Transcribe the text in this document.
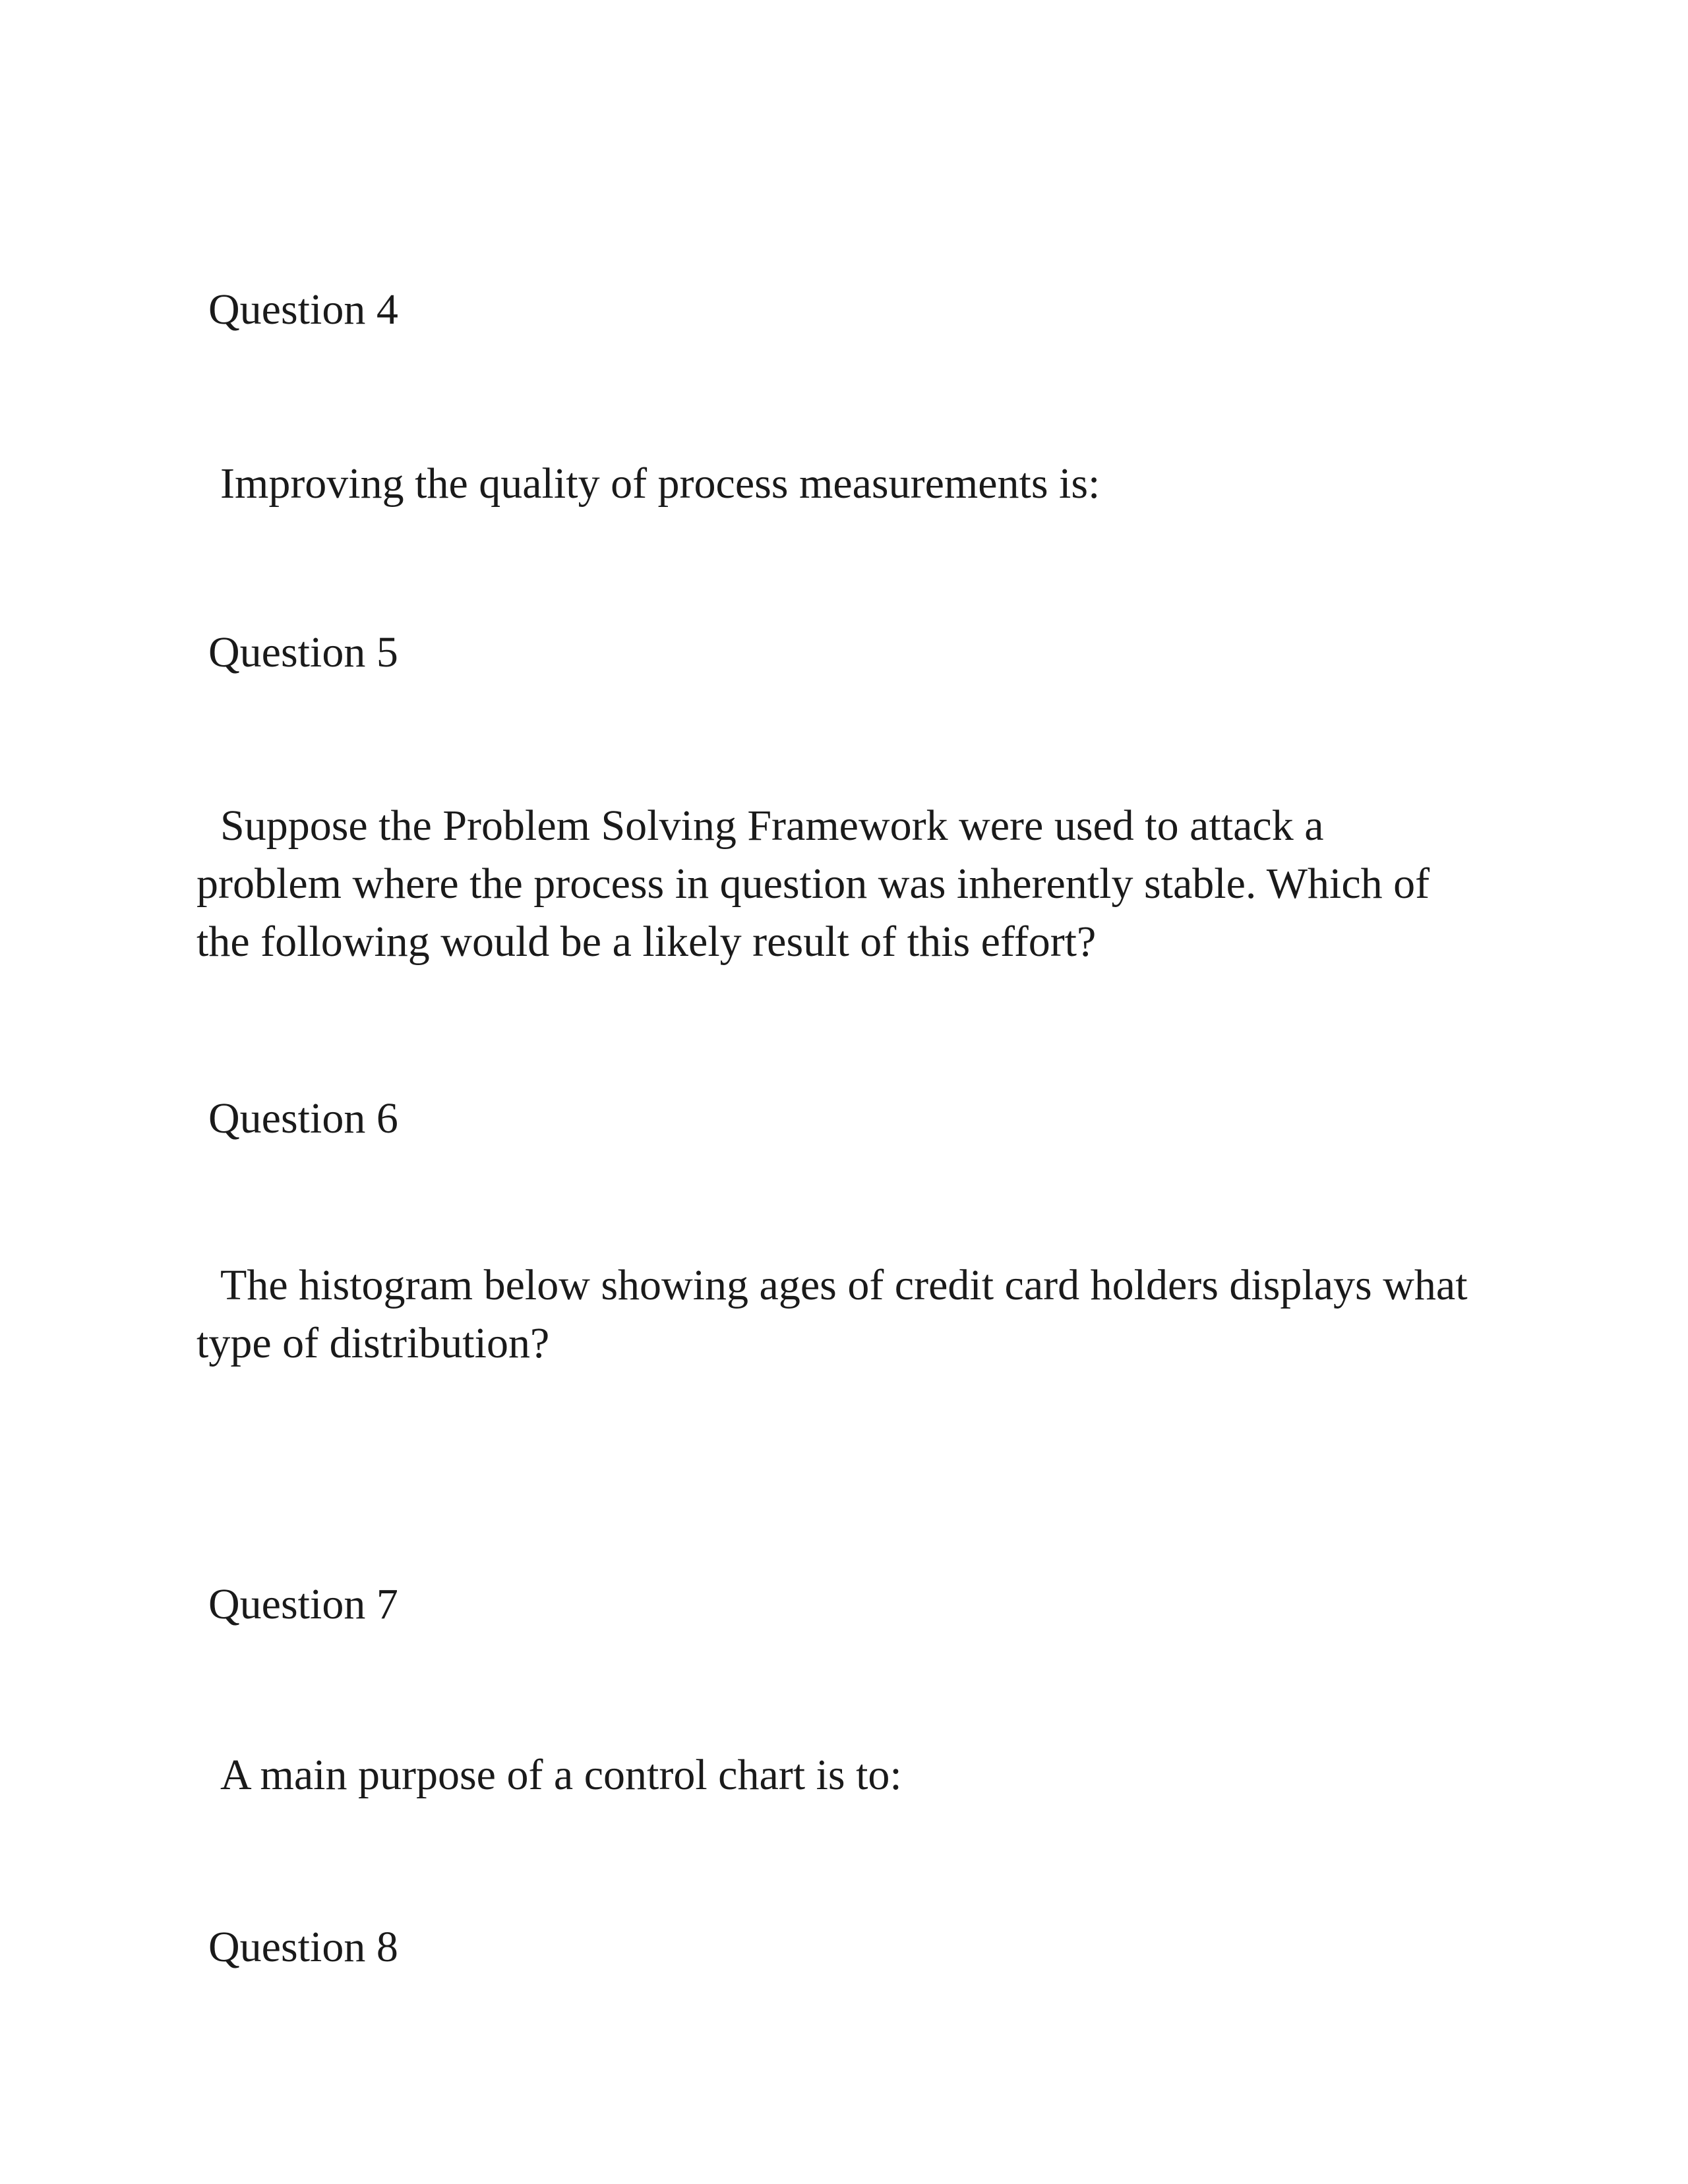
Question 4

Improving the quality of process measurements is:

Question 5

Suppose the Problem Solving Framework were used to attack a
problem where the process in question was inherently stable. Which of
the following would be a likely result of this effort?

Question 6

The histogram below showing ages of credit card holders displays what
type of distribution?

Question 7

A main purpose of a control chart is to:

Question 8
